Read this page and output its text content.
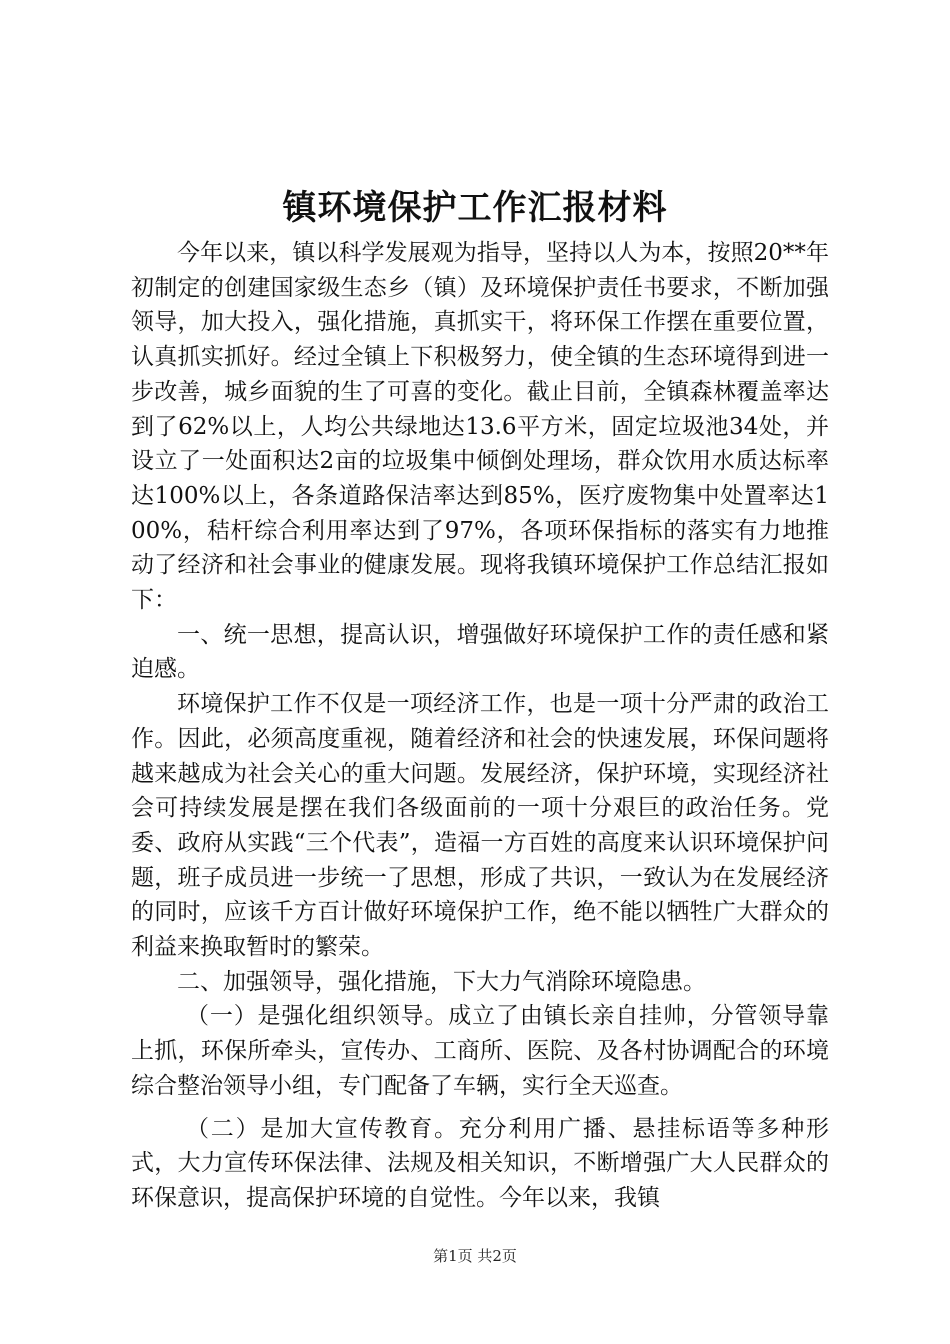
镇环境保护工作汇报材料

今年以来，镇以科学发展观为指导，坚持以人为本，按照20**年初制定的创建国家级生态乡（镇）及环境保护责任书要求，不断加强领导，加大投入，强化措施，真抓实干，将环保工作摆在重要位置，认真抓实抓好。经过全镇上下积极努力，使全镇的生态环境得到进一步改善，城乡面貌的生了可喜的变化。截止目前，全镇森林覆盖率达到了62%以上，人均公共绿地达13.6平方米，固定垃圾池34处，并设立了一处面积达2亩的垃圾集中倾倒处理场，群众饮用水质达标率达100%以上，各条道路保洁率达到85%，医疗废物集中处置率达100%，秸杆综合利用率达到了97%，各项环保指标的落实有力地推动了经济和社会事业的健康发展。现将我镇环境保护工作总结汇报如下：

一、统一思想，提高认识，增强做好环境保护工作的责任感和紧迫感。

环境保护工作不仅是一项经济工作，也是一项十分严肃的政治工作。因此，必须高度重视，随着经济和社会的快速发展，环保问题将越来越成为社会关心的重大问题。发展经济，保护环境，实现经济社会可持续发展是摆在我们各级面前的一项十分艰巨的政治任务。党委、政府从实践“三个代表”，造福一方百姓的高度来认识环境保护问题，班子成员进一步统一了思想，形成了共识，一致认为在发展经济的同时，应该千方百计做好环境保护工作，绝不能以牺牲广大群众的利益来换取暂时的繁荣。

二、加强领导，强化措施，下大力气消除环境隐患。

（一）是强化组织领导。成立了由镇长亲自挂帅，分管领导靠上抓，环保所牵头，宣传办、工商所、医院、及各村协调配合的环境综合整治领导小组，专门配备了车辆，实行全天巡查。

（二）是加大宣传教育。充分利用广播、悬挂标语等多种形式，大力宣传环保法律、法规及相关知识，不断增强广大人民群众的环保意识，提高保护环境的自觉性。今年以来，我镇

第1页 共2页
